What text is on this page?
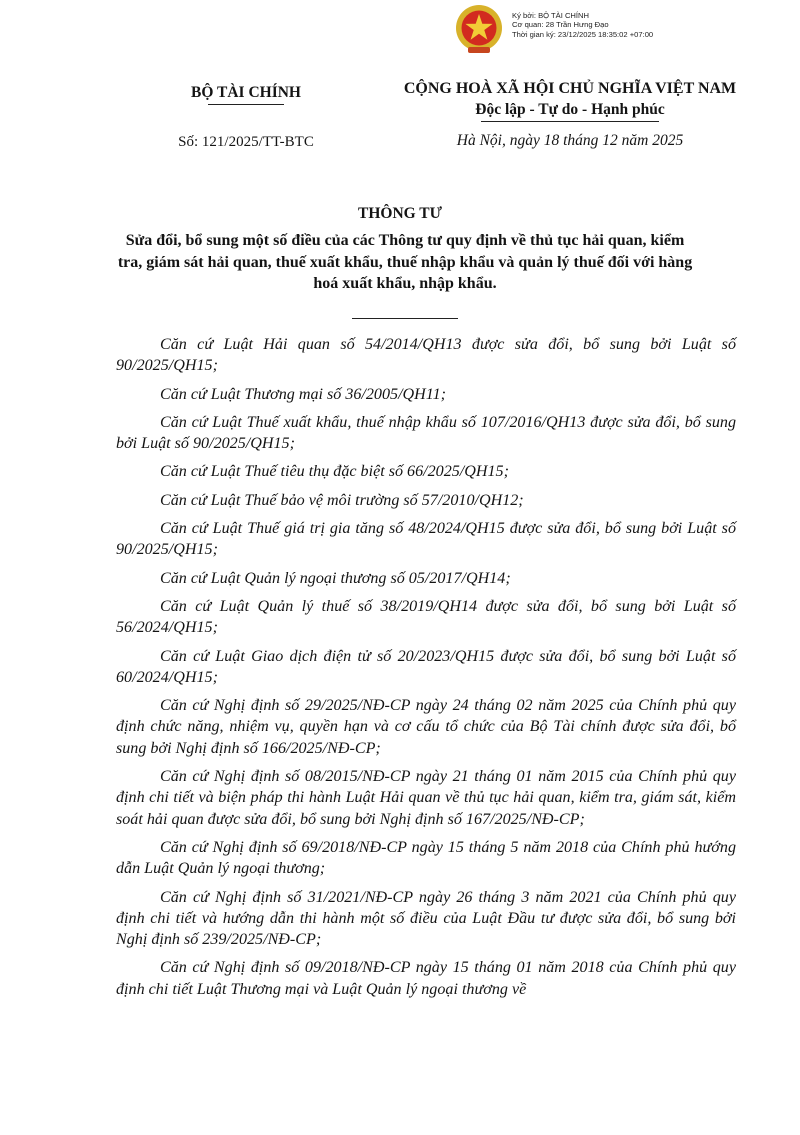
Ký bởi: BỘ TÀI CHÍNH
Cơ quan: 28 Trần Hưng Đạo
Thời gian ký: 23/12/2025 18:35:02 +07:00
BỘ TÀI CHÍNH
Số: 121/2025/TT-BTC
CỘNG HOÀ XÃ HỘI CHỦ NGHĨA VIỆT NAM
Độc lập - Tự do - Hạnh phúc
Hà Nội, ngày 18 tháng 12 năm 2025
THÔNG TƯ
Sửa đổi, bổ sung một số điều của các Thông tư quy định về thủ tục hải quan, kiểm tra, giám sát hải quan, thuế xuất khẩu, thuế nhập khẩu và quản lý thuế đối với hàng hoá xuất khẩu, nhập khẩu.

Căn cứ Luật Hải quan số 54/2014/QH13 được sửa đổi, bổ sung bởi Luật số 90/2025/QH15;

Căn cứ Luật Thương mại số 36/2005/QH11;

Căn cứ Luật Thuế xuất khẩu, thuế nhập khẩu số 107/2016/QH13 được sửa đổi, bổ sung bởi Luật số 90/2025/QH15;

Căn cứ Luật Thuế tiêu thụ đặc biệt số 66/2025/QH15;

Căn cứ Luật Thuế bảo vệ môi trường số 57/2010/QH12;

Căn cứ Luật Thuế giá trị gia tăng số 48/2024/QH15 được sửa đổi, bổ sung bởi Luật số 90/2025/QH15;

Căn cứ Luật Quản lý ngoại thương số 05/2017/QH14;

Căn cứ Luật Quản lý thuế số 38/2019/QH14 được sửa đổi, bổ sung bởi Luật số 56/2024/QH15;

Căn cứ Luật Giao dịch điện tử số 20/2023/QH15 được sửa đổi, bổ sung bởi Luật số 60/2024/QH15;

Căn cứ Nghị định số 29/2025/NĐ-CP ngày 24 tháng 02 năm 2025 của Chính phủ quy định chức năng, nhiệm vụ, quyền hạn và cơ cấu tổ chức của Bộ Tài chính được sửa đổi, bổ sung bởi Nghị định số 166/2025/NĐ-CP;

Căn cứ Nghị định số 08/2015/NĐ-CP ngày 21 tháng 01 năm 2015 của Chính phủ quy định chi tiết và biện pháp thi hành Luật Hải quan về thủ tục hải quan, kiểm tra, giám sát, kiểm soát hải quan được sửa đổi, bổ sung bởi Nghị định số 167/2025/NĐ-CP;

Căn cứ Nghị định số 69/2018/NĐ-CP ngày 15 tháng 5 năm 2018 của Chính phủ hướng dẫn Luật Quản lý ngoại thương;

Căn cứ Nghị định số 31/2021/NĐ-CP ngày 26 tháng 3 năm 2021 của Chính phủ quy định chi tiết và hướng dẫn thi hành một số điều của Luật Đầu tư được sửa đổi, bổ sung bởi Nghị định số 239/2025/NĐ-CP;

Căn cứ Nghị định số 09/2018/NĐ-CP ngày 15 tháng 01 năm 2018 của Chính phủ quy định chi tiết Luật Thương mại và Luật Quản lý ngoại thương về
